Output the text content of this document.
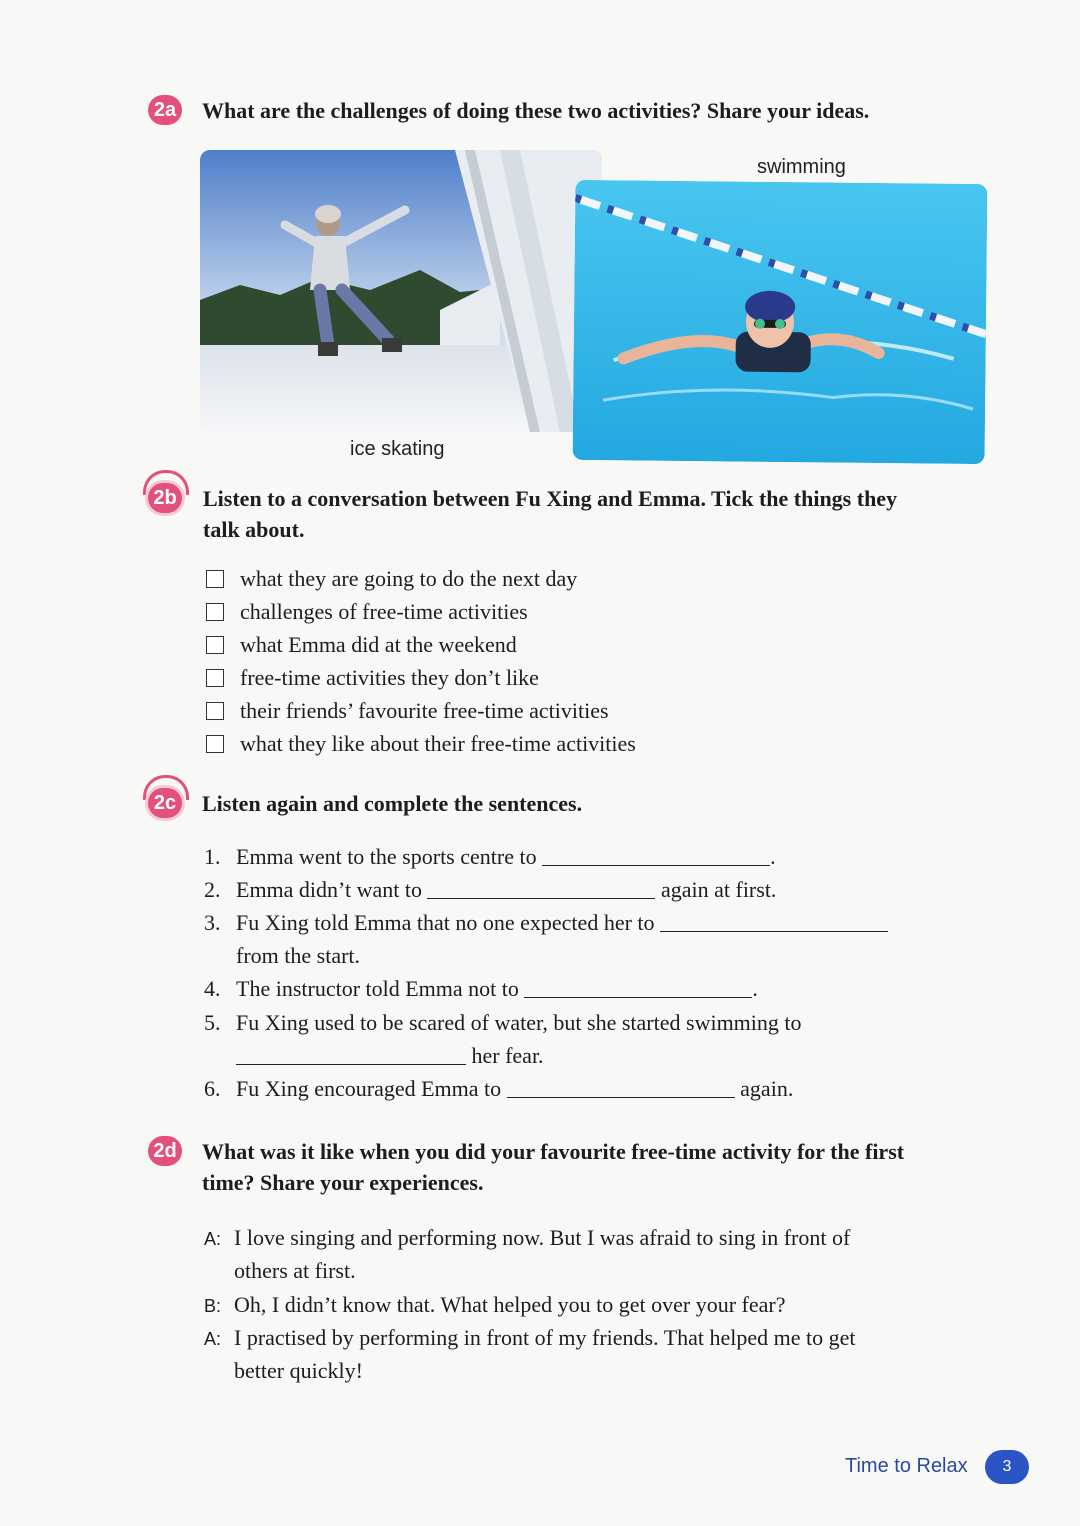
2a What are the challenges of doing these two activities? Share your ideas.
ice skating
swimming
2b Listen to a conversation between Fu Xing and Emma. Tick the things they
talk about.
what they are going to do the next day
challenges of free-time activities
what Emma did at the weekend
free-time activities they don’t like
their friends’ favourite free-time activities
what they like about their free-time activities
2c Listen again and complete the sentences.
1. Emma went to the sports centre to	.
2. Emma didn’t want to	again at first.
3. Fu Xing told Emma that no one expected her to
from the start.
4. The instructor told Emma not to	.
5. Fu Xing used to be scared of water, but she started swimming to
her fear.
6. Fu Xing encouraged Emma to	again.
2d What was it like when you did your favourite free-time activity for the first
time? Share your experiences.
A: I love singing and performing now. But I was afraid to sing in front of
others at first.
B: Oh, I didn’t know that. What helped you to get over your fear?
A: I practised by performing in front of my friends. That helped me to get
better quickly!
Time to Relax	3
